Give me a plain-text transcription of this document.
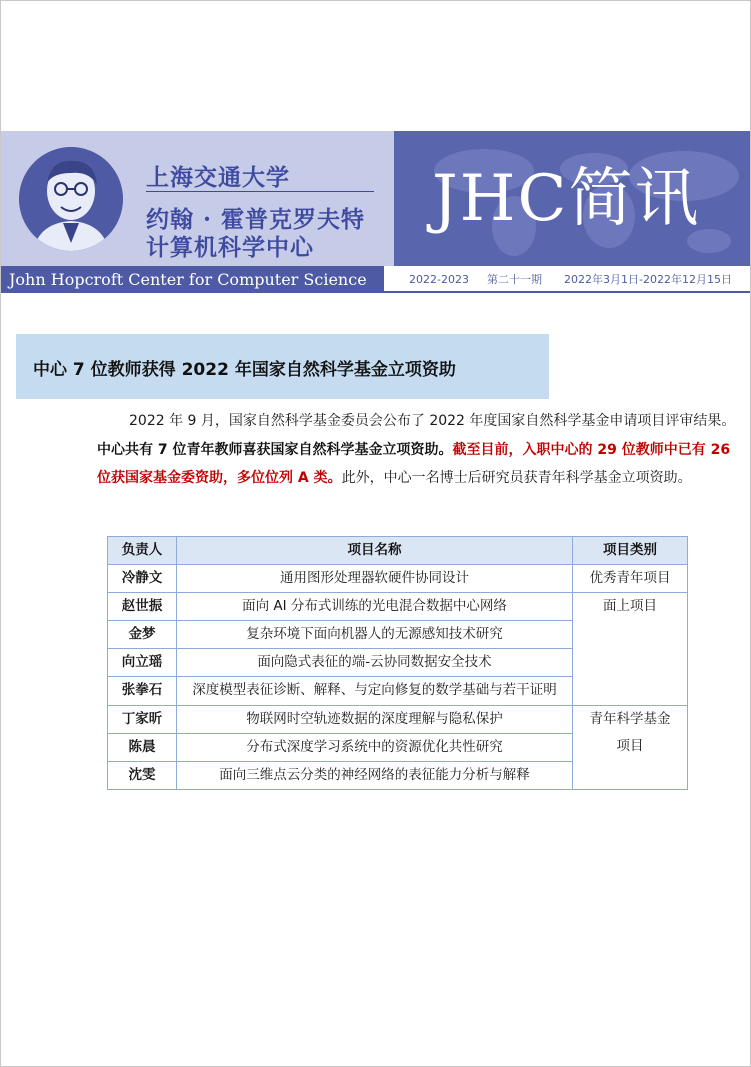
上海交通大学
约翰 · 霍普克罗夫特
计算机科学中心
JHC简讯
John Hopcroft Center for Computer Science	2022-2023 第二十一期 2022年3月1日-2022年12月15日
中心 7 位教师获得 2022 年国家自然科学基金立项资助
2022 年 9 月，国家自然科学基金委员会公布了 2022 年度国家自然科学基金申请项目评审结果。中心共有 7 位青年教师喜获国家自然科学基金立项资助。截至目前，入职中心的 29 位教师中已有 26 位获国家基金委资助，多位位列 A 类。此外，中心一名博士后研究员获青年科学基金立项资助。
负责人	项目名称	项目类别
冷静文	通用图形处理器软硬件协同设计	优秀青年项目
赵世振	面向 AI 分布式训练的光电混合数据中心网络	面上项目
金梦	复杂环境下面向机器人的无源感知技术研究	
向立瑶	面向隐式表征的端-云协同数据安全技术	
张拳石	深度模型表征诊断、解释、与定向修复的数学基础与若干证明	
丁家昕	物联网时空轨迹数据的深度理解与隐私保护	青年科学基金项目
陈晨	分布式深度学习系统中的资源优化共性研究	
沈雯	面向三维点云分类的神经网络的表征能力分析与解释	
